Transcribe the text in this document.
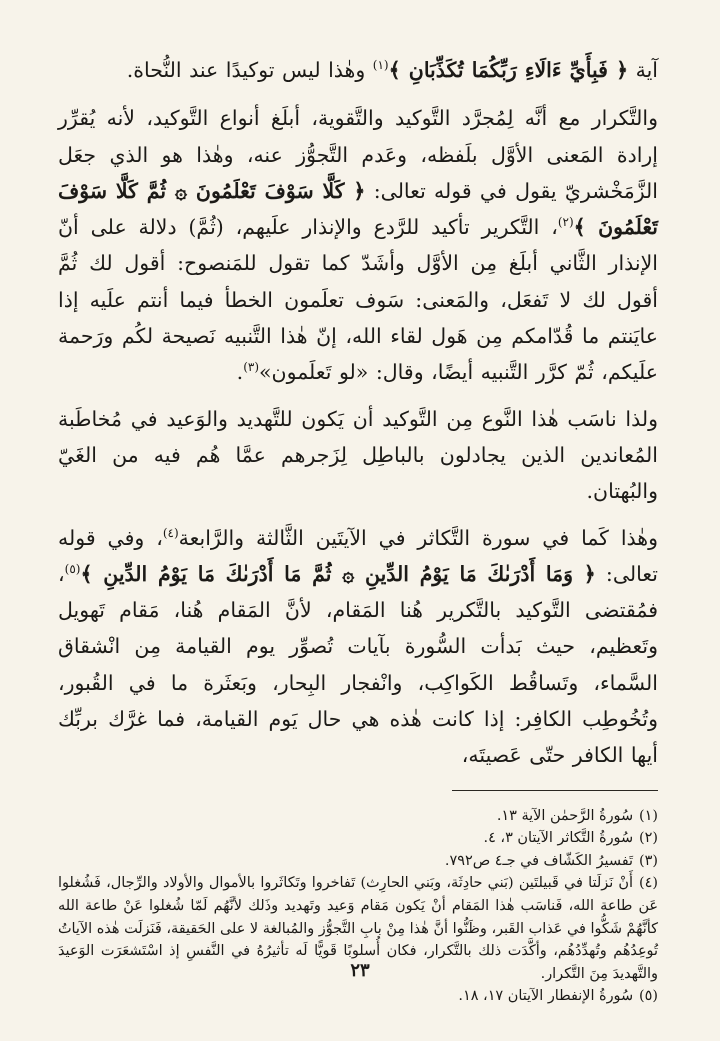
آية ﴿ فَبِأَيِّ ءَالَاءِ رَبِّكُمَا تُكَذِّبَانِ ﴾$^{(١)}$ وهٰذا ليس توكيدًا عند النُّحاة.

والتَّكرار مع أنَّه لِمُجرَّد التَّوكيد والتَّقوية، أبلَغ أنواع التَّوكيد، لأنه يُقرِّر إرادة المَعنى الأوَّل بلَفظه، وعَدم التَّجوُّز عنه، وهٰذا هو الذي جعَل الزَّمَخْشريّ يقول في قوله تعالى: ﴿ كَلَّا سَوْفَ تَعْلَمُونَ ۞ ثُمَّ كَلَّا سَوْفَ تَعْلَمُونَ ﴾$^{(٢)}$، التَّكرير تأكيد للرَّدع والإنذار علَيهم، (ثُمَّ) دلالة على أنّ الإنذار الثَّاني أبلَغ مِن الأوَّل وأشَدّ كما تقول للمَنصوح: أقول لك ثُمَّ أقول لك لا تَفعَل، والمَعنى: سَوف تعلَمون الخطأ فيما أنتم علَيه إذا عايَنتم ما قُدّامكم مِن هَول لقاء الله، إنّ هٰذا التَّنبيه نَصيحة لكُم ورَحمة علَيكم، ثُمّ كرَّر التَّنبيه أيضًا، وقال: «لو تَعلَمون»$^{(٣)}$.

ولذا ناسَب هٰذا النَّوع مِن التَّوكيد أن يَكون للتَّهديد والوَعيد في مُخاطَبة المُعاندين الذين يجادلون بالباطِل لِزَجرهم عمَّا هُم فيه من الغَيّ والبُهتان.

وهٰذا كَما في سورة التَّكاثر في الآيتَين الثَّالثة والرَّابعة$^{(٤)}$، وفي قوله تعالى: ﴿ وَمَا أَدْرَىٰكَ مَا يَوْمُ الدِّينِ ۞ ثُمَّ مَا أَدْرَىٰكَ مَا يَوْمُ الدِّينِ ﴾$^{(٥)}$، فمُقتضى التَّوكيد بالتَّكرير هُنا المَقام، لأنَّ المَقام هُنا، مَقام تَهويل وتَعظيم، حيث بَدأت السُّورة بآيات تُصوِّر يوم القيامة مِن انْشقاق السَّماء، وتَساقُط الكَواكِب، وانْفجار البِحار، وبَعثَرة ما في القُبور، وتُخُوطِب الكافِر: إذا كانت هٰذه هي حال يَوم القيامة، فما غرَّك بربِّك أيها الكافر حتّى عَصيتَه،

(١)سُورةُ الرَّحمٰن الآية ١٣.
(٢)سُورةُ التَّكاثر الآيتان ٣، ٤.
(٣)تَفسيرُ الكَشّاف في جـ٤ ص٧٩٢.
(٤)أَنْ نَزلَتا في قَبيلتَين (بَني حادِثَة، وبَني الحارِث) تَفاخروا وتَكاثَروا بالأموال والأولاد والرِّجال، فَشُغلوا عَن طاعة الله، فَناسَب هٰذا المَقام أنْ يَكون مَقام وَعيد وتَهديد وذَلك لأنَّهُم لَمّا شُغلوا عَنْ طاعة الله كأنَّهُمْ شَكُّوا في عَذاب القَبر، وظَنُّوا أنَّ هٰذا مِنْ بابِ التَّجوُّز والمُبالغة لا على الحَقيقة، فَنَزلَت هٰذه الآياتُ تُوعِدُهُم وتُهدِّدُهُم، وأكَّدَت ذلك بالتَّكرار، فكان أُسلوبًا قَويًّا لَه تأثيرُهُ في النَّفسِ إذ اسْتَشعَرَت الوَعيدَ والتَّهديدَ مِنَ التَّكرار.
(٥)سُورةُ الإنفطار الآيتان ١٧، ١٨.
٢٣
